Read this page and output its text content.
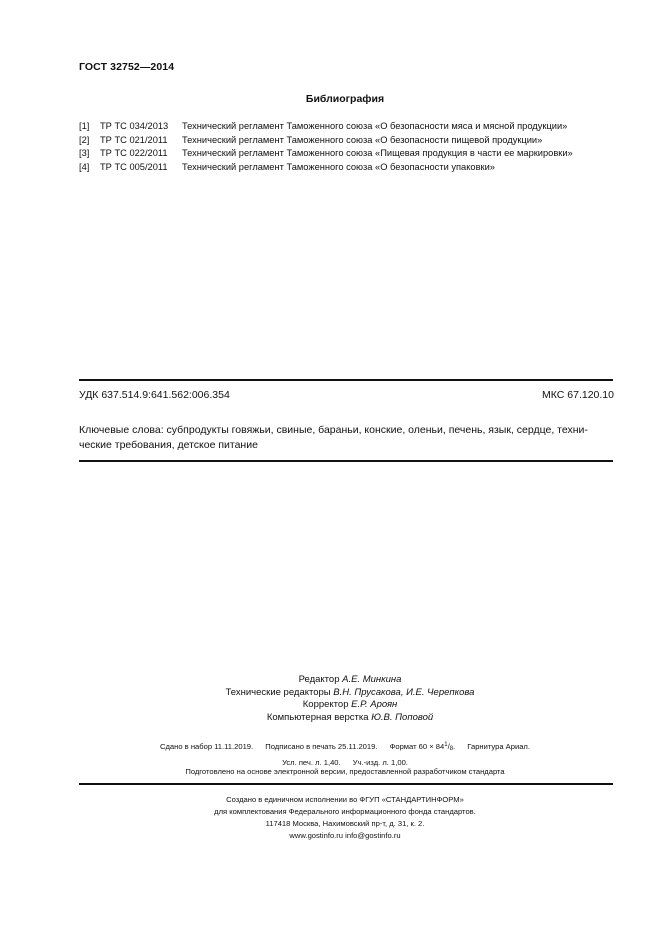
ГОСТ 32752—2014
Библиография
[1] ТР ТС 034/2013 Технический регламент Таможенного союза «О безопасности мяса и мясной продукции»
[2] ТР ТС 021/2011 Технический регламент Таможенного союза «О безопасности пищевой продукции»
[3] ТР ТС 022/2011 Технический регламент Таможенного союза «Пищевая продукция в части ее маркировки»
[4] ТР ТС 005/2011 Технический регламент Таможенного союза «О безопасности упаковки»
УДК 637.514.9:641.562:006.354	МКС 67.120.10
Ключевые слова: субпродукты говяжьи, свиные, бараньи, конские, оленьи, печень, язык, сердце, техни-
ческие требования, детское питание
Редактор А.Е. Минкина
Технические редакторы В.Н. Прусакова, И.Е. Черепкова
Корректор Е.Р. Ароян
Компьютерная верстка Ю.В. Поповой
Сдано в набор 11.11.2019. Подписано в печать 25.11.2019. Формат $60 \times 84^1/_8$. Гарнитура Ариал.
Усл. печ. л. 1,40. Уч.-изд. л. 1,00.
Подготовлено на основе электронной версии, предоставленной разработчиком стандарта
Создано в единичном исполнении во ФГУП «СТАНДАРТИНФОРМ»
для комплектования Федерального информационного фонда стандартов.
117418 Москва, Нахимовский пр-т, д. 31, к. 2.
www.gostinfo.ru info@gostinfo.ru
